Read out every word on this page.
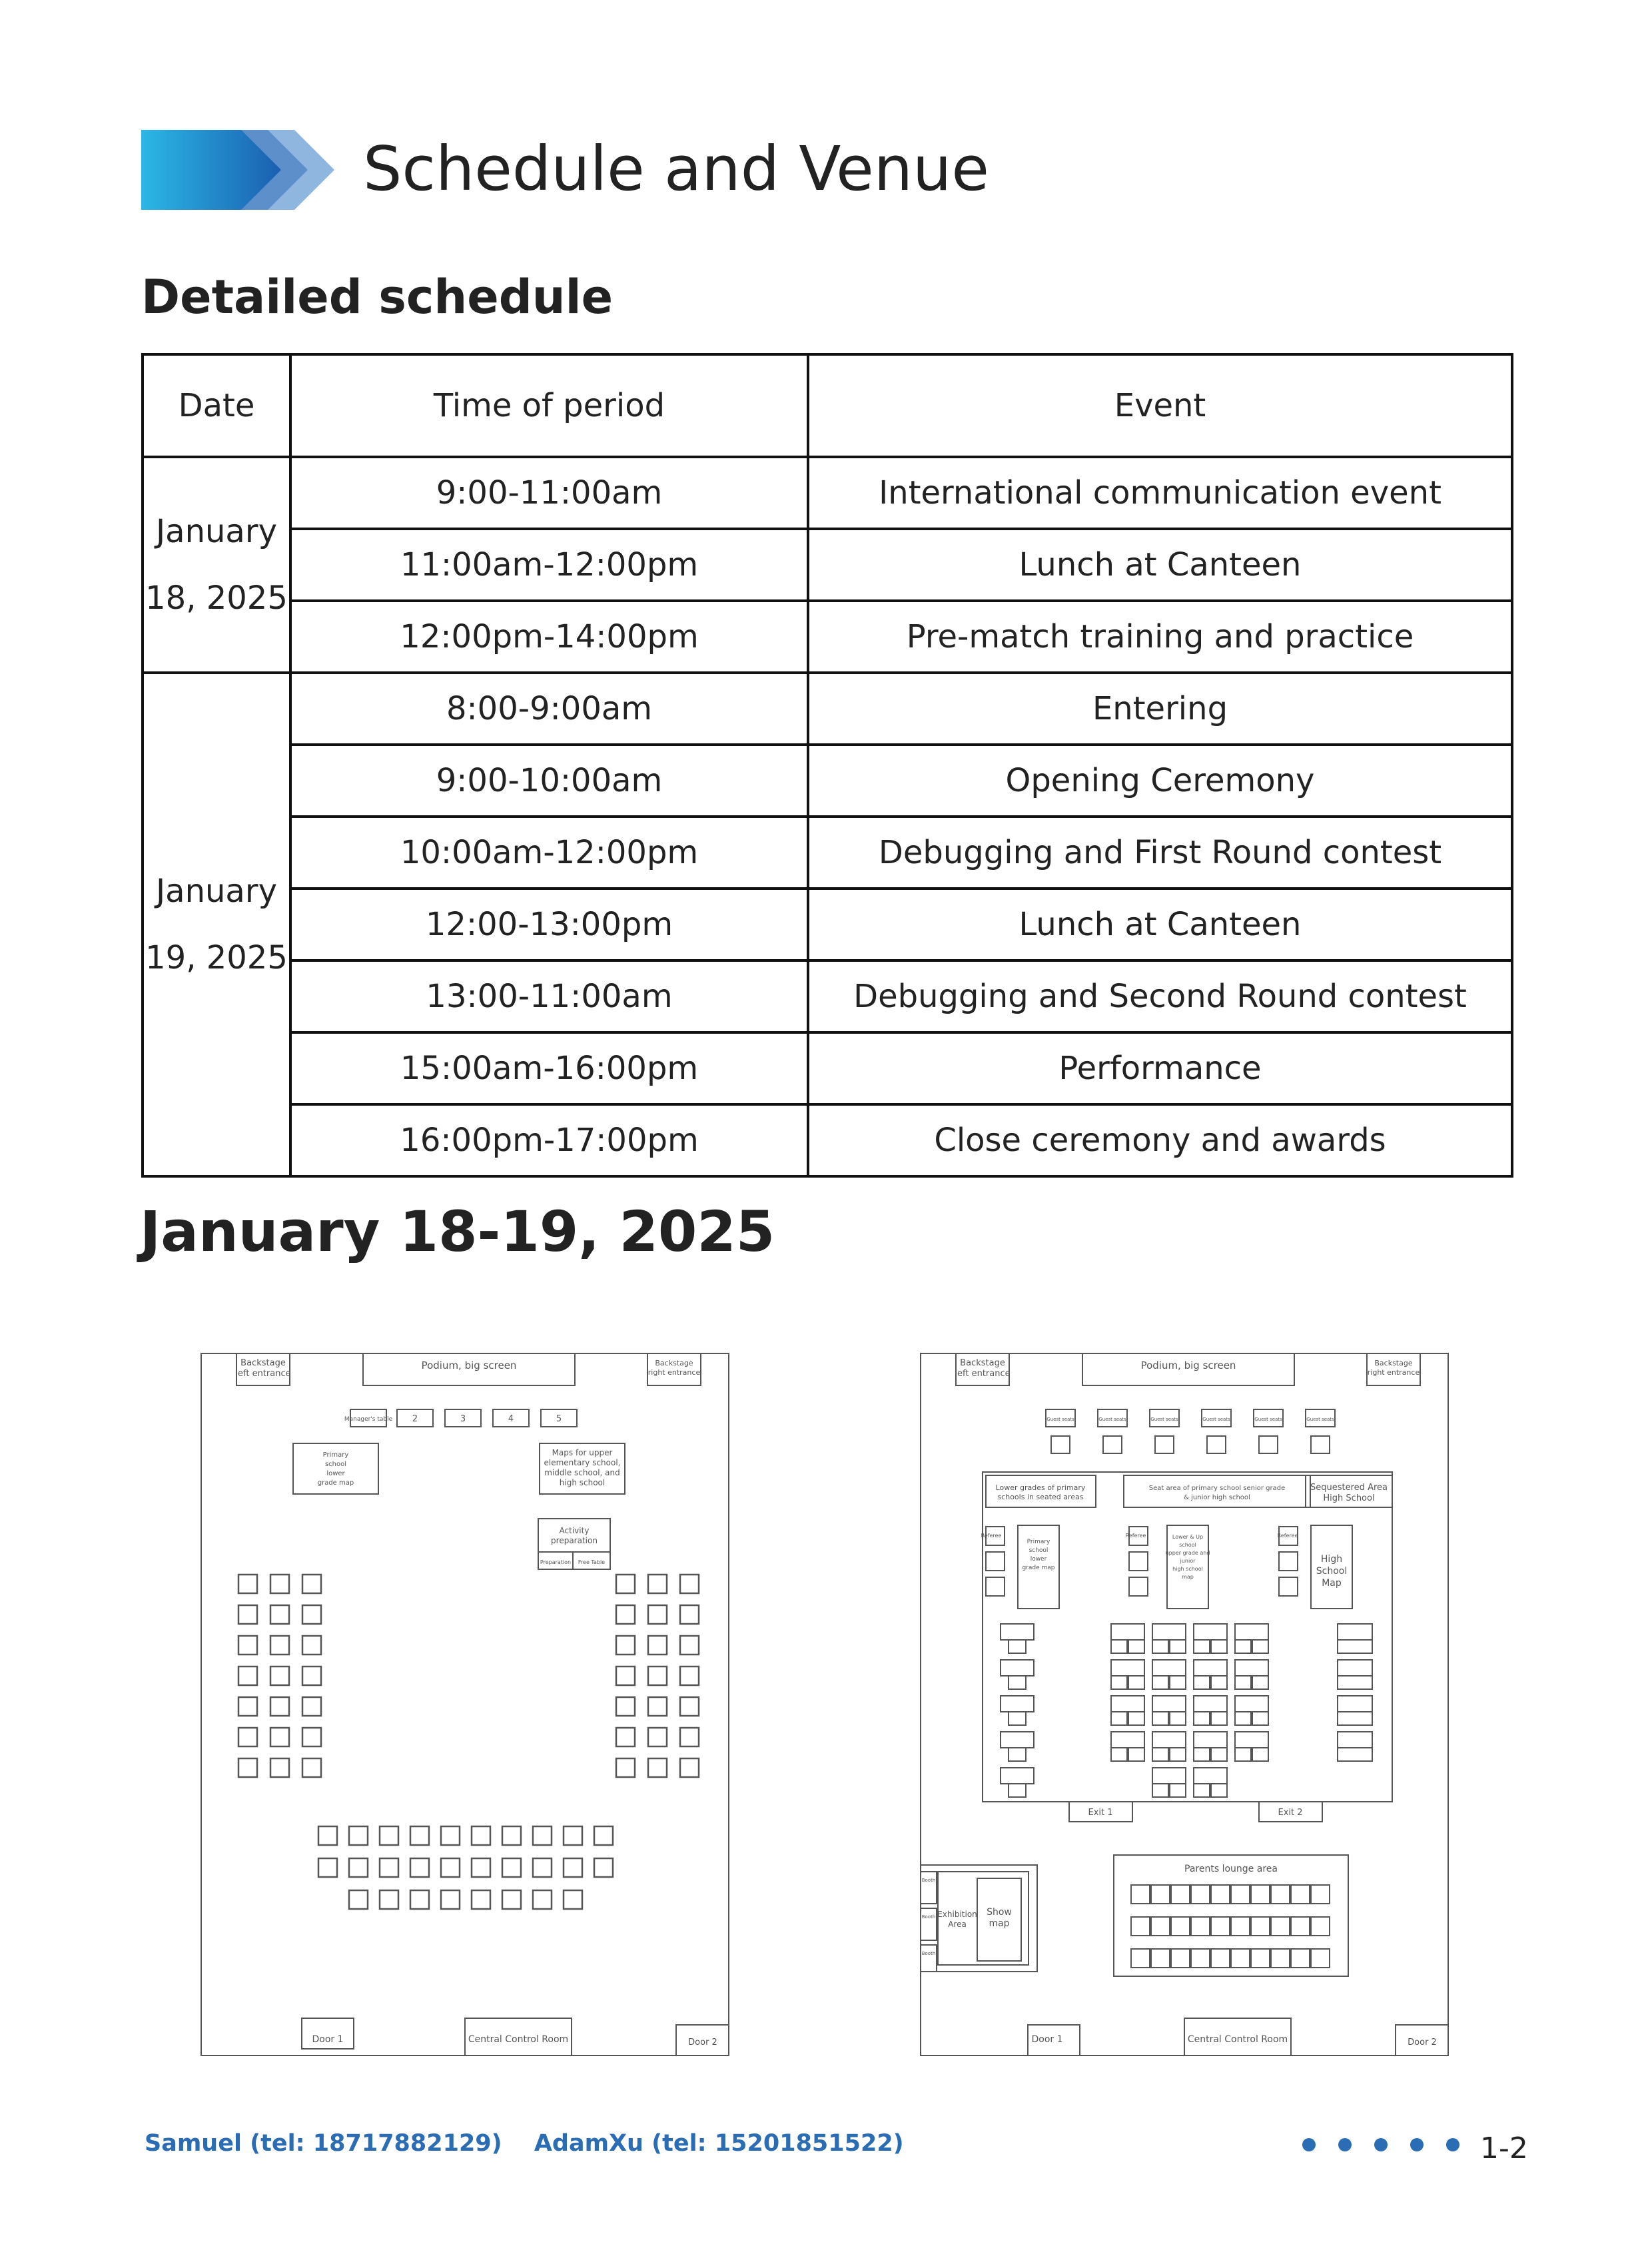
Schedule and Venue
Detailed schedule
Date	Time of period	Event
January
18, 2025	9:00-11:00am	International communication event
	11:00am-12:00pm	Lunch at Canteen
	12:00pm-14:00pm	Pre-match training and practice
January
19, 2025	8:00-9:00am	Entering
	9:00-10:00am	Opening Ceremony
	10:00am-12:00pm	Debugging and First Round contest
	12:00-13:00pm	Lunch at Canteen
	13:00-11:00am	Debugging and Second Round contest
	15:00am-16:00pm	Performance
	16:00pm-17:00pm	Close ceremony and awards
January 18-19, 2025
Backstage
left entrance
Podium, big screen	Backstage
right entrance
Manager's table 2	3	4	5
Primary
school
lower
grade map
Maps for upper
elementary school,
middle school, and
high school
Activity
preparation
Preparation Free Table
Door 1	Central Control Room	Door 2
Backstage
left entrance
Podium, big screen	Backstage
right entrance
Lower grades of primary
schools in seated areas
Seat area of primary school senior grade
& junior high school
Sequestered Area
High School
Primary
school
lower
grade map
Lower & Up
school
upper grade and
junior
high school
map
High
School
Map
Referee	Referee	Referee
Exit 1	Exit 2
Parents lounge area
Exhibition
Area
Show
map
Booth
Booth
Booth
Door 1	Central Control Room	Door 2
Guest seats	Guest seats	Guest seats	Guest seats	Guest seats	Guest seats
Samuel (tel: 18717882129) AdamXu (tel: 15201851522)	1-2
